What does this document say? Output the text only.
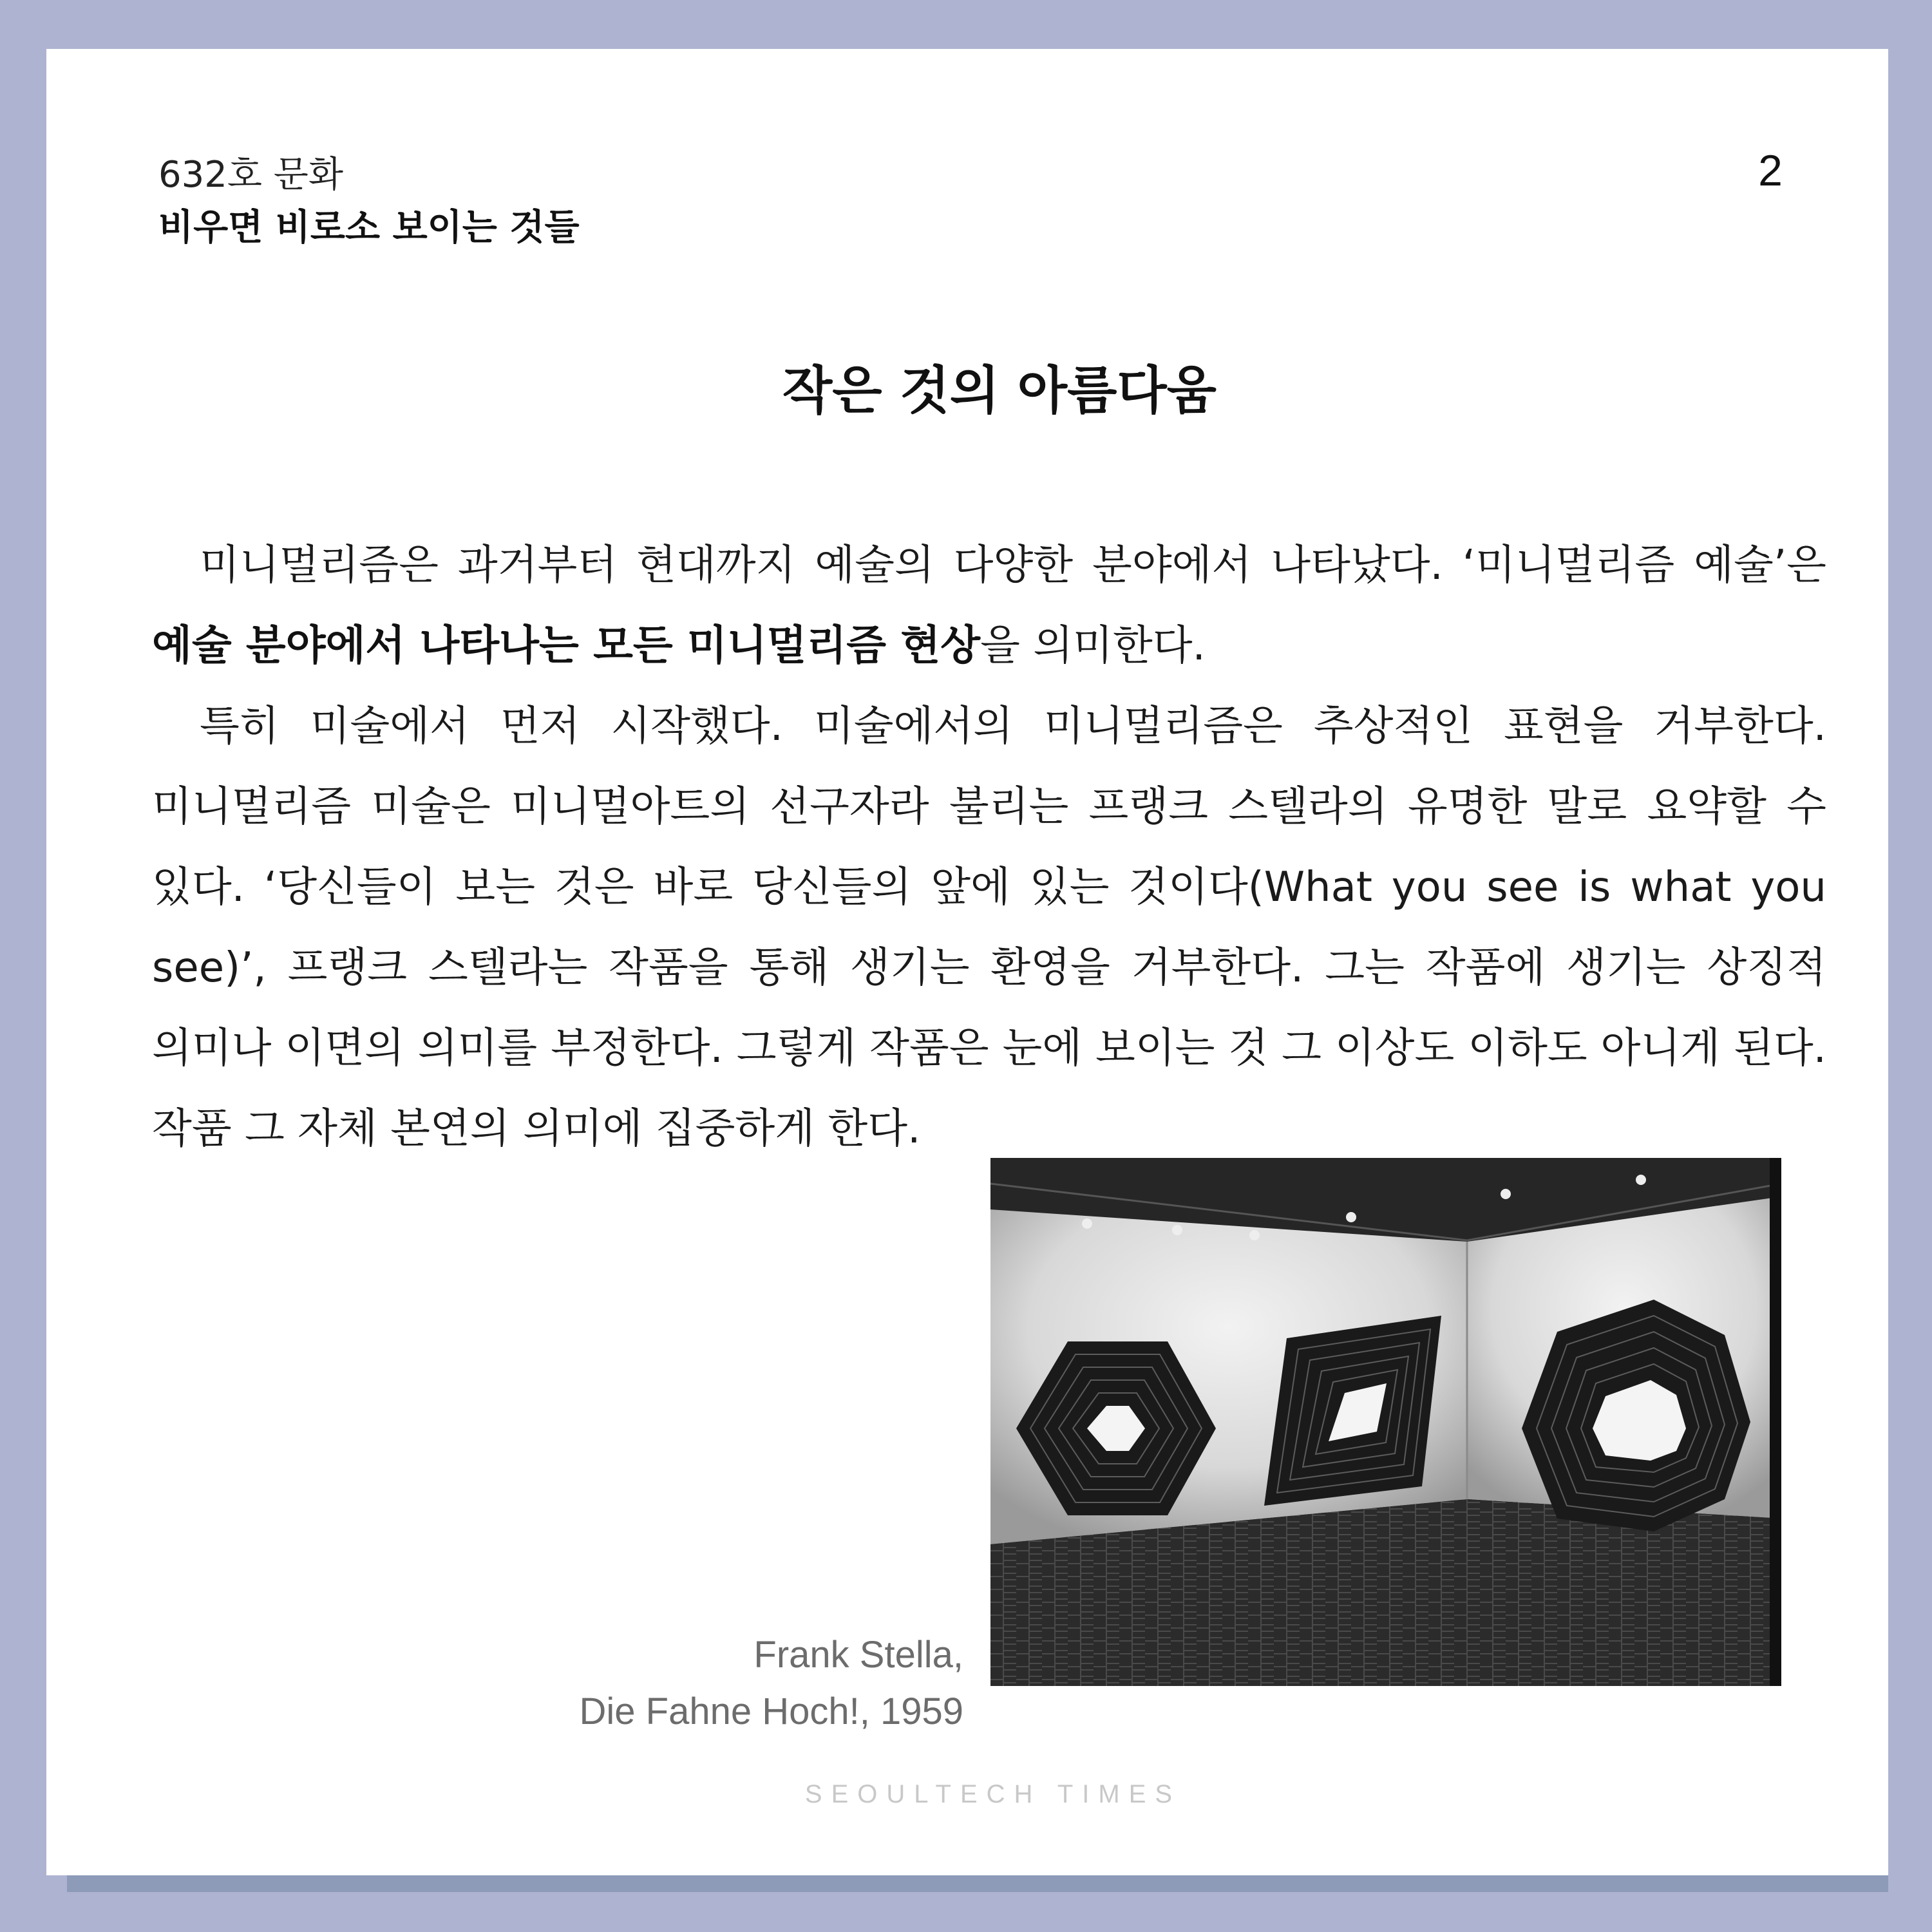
632호 문화
비우면 비로소 보이는 것들
2
작은 것의 아름다움

미니멀리즘은 과거부터 현대까지 예술의 다양한 분야에서 나타났다. ‘미니멀리즘 예술’은 예술 분야에서 나타나는 모든 미니멀리즘 현상을 의미한다.

특히 미술에서 먼저 시작했다. 미술에서의 미니멀리즘은 추상적인 표현을 거부한다. 미니멀리즘 미술은 미니멀아트의 선구자라 불리는 프랭크 스텔라의 유명한 말로 요약할 수 있다. ‘당신들이 보는 것은 바로 당신들의 앞에 있는 것이다(What you see is what you see)’, 프랭크 스텔라는 작품을 통해 생기는 환영을 거부한다. 그는 작품에 생기는 상징적 의미나 이면의 의미를 부정한다. 그렇게 작품은 눈에 보이는 것 그 이상도 이하도 아니게 된다. 작품 그 자체 본연의 의미에 집중하게 한다.

Frank Stella,
Die Fahne Hoch!, 1959
SEOULTECH TIMES
